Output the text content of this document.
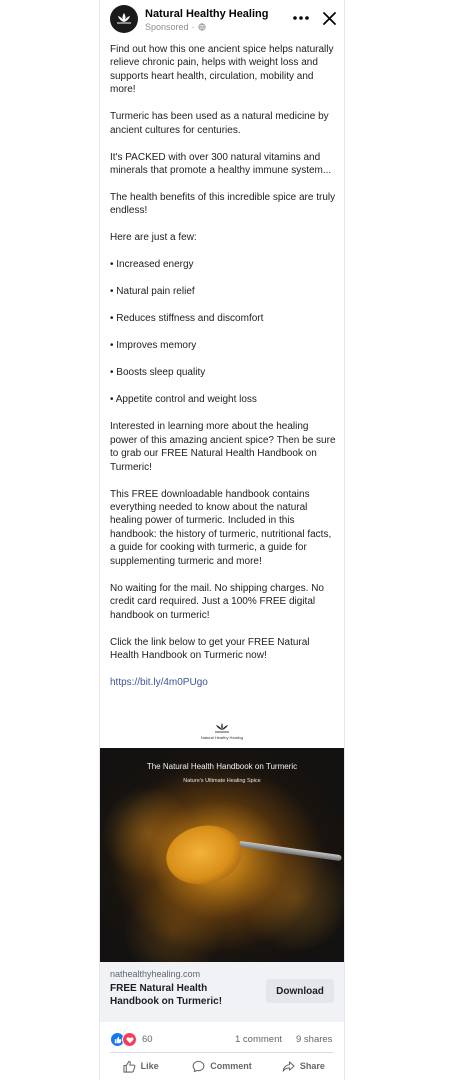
Natural Healthy Healing
Sponsored ·

Find out how this one ancient spice helps naturally relieve chronic pain, helps with weight loss and supports heart health, circulation, mobility and more!

Turmeric has been used as a natural medicine by ancient cultures for centuries.

It's PACKED with over 300 natural vitamins and minerals that promote a healthy immune system...

The health benefits of this incredible spice are truly endless!

Here are just a few:

• Increased energy

• Natural pain relief

• Reduces stiffness and discomfort

• Improves memory

• Boosts sleep quality

• Appetite control and weight loss

Interested in learning more about the healing power of this amazing ancient spice? Then be sure to grab our FREE Natural Health Handbook on Turmeric!

This FREE downloadable handbook contains everything needed to know about the natural healing power of turmeric. Included in this handbook: the history of turmeric, nutritional facts, a guide for cooking with turmeric, a guide for supplementing turmeric and more!

No waiting for the mail. No shipping charges. No credit card required. Just a 100% FREE digital handbook on turmeric!

Click the link below to get your FREE Natural Health Handbook on Turmeric now!

https://bit.ly/4m0PUgo

Natural Healthy Healing
The Natural Health Handbook on Turmeric
Nature's Ultimate Healing Spice
nathealthyhealing.com
FREE Natural Health Handbook on Turmeric!
Download
60	1 comment 9 shares
Like	Comment	Share
